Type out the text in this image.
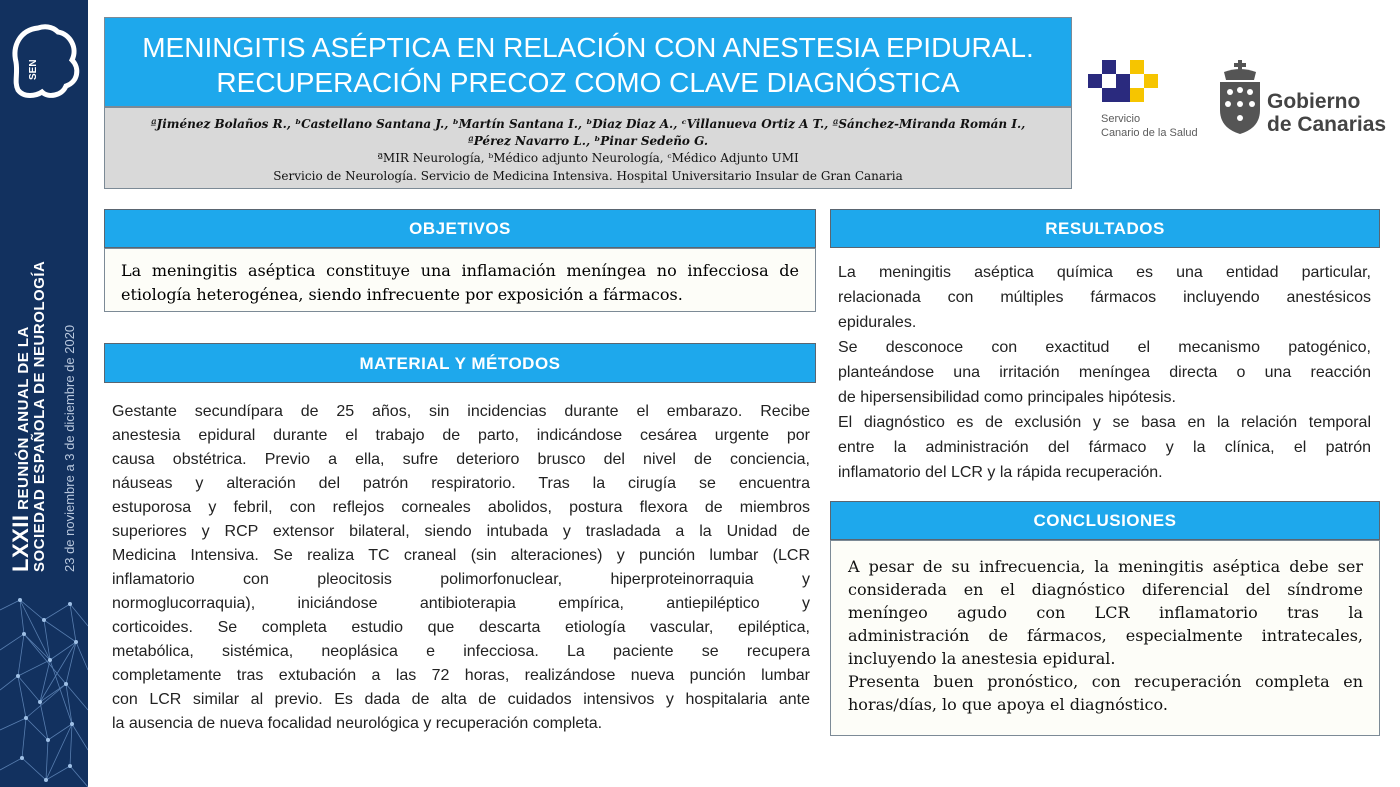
SEN
LXXII REUNIÓN ANUAL DE LA SOCIEDAD ESPAÑOLA DE NEUROLOGÍA 23 de noviembre a 3 de diciembre de 2020
MENINGITIS ASÉPTICA EN RELACIÓN CON ANESTESIA EPIDURAL.
RECUPERACIÓN PRECOZ COMO CLAVE DIAGNÓSTICA
ªJiménez Bolaños R., ᵇCastellano Santana J., ᵇMartín Santana I., ᵇDiaz Diaz A., ᶜVillanueva Ortiz A T., ªSánchez-Miranda Román I.,
ªPérez Navarro L., ᵇPinar Sedeño G.
ªMIR Neurología, ᵇMédico adjunto Neurología, ᶜMédico Adjunto UMI
Servicio de Neurología. Servicio de Medicina Intensiva. Hospital Universitario Insular de Gran Canaria
Servicio
Canario de la Salud
Gobierno
de Canarias
OBJETIVOS
La meningitis aséptica constituye una inflamación meníngea no infecciosa de
etiología heterogénea, siendo infrecuente por exposición a fármacos.
MATERIAL Y MÉTODOS
Gestante secundípara de 25 años, sin incidencias durante el embarazo. Recibe
anestesia epidural durante el trabajo de parto, indicándose cesárea urgente por
causa obstétrica. Previo a ella, sufre deterioro brusco del nivel de conciencia,
náuseas y alteración del patrón respiratorio. Tras la cirugía se encuentra
estuporosa y febril, con reflejos corneales abolidos, postura flexora de miembros
superiores y RCP extensor bilateral, siendo intubada y trasladada a la Unidad de
Medicina Intensiva. Se realiza TC craneal (sin alteraciones) y punción lumbar (LCR
inflamatorio con pleocitosis polimorfonuclear, hiperproteinorraquia y
normoglucorraquia), iniciándose antibioterapia empírica, antiepiléptico y
corticoides. Se completa estudio que descarta etiología vascular, epiléptica,
metabólica, sistémica, neoplásica e infecciosa. La paciente se recupera
completamente tras extubación a las 72 horas, realizándose nueva punción lumbar
con LCR similar al previo. Es dada de alta de cuidados intensivos y hospitalaria ante
la ausencia de nueva focalidad neurológica y recuperación completa.
RESULTADOS
La meningitis aséptica química es una entidad particular,
relacionada con múltiples fármacos incluyendo anestésicos
epidurales.
Se desconoce con exactitud el mecanismo patogénico,
planteándose una irritación meníngea directa o una reacción
de hipersensibilidad como principales hipótesis.
El diagnóstico es de exclusión y se basa en la relación temporal
entre la administración del fármaco y la clínica, el patrón
inflamatorio del LCR y la rápida recuperación.
CONCLUSIONES
A pesar de su infrecuencia, la meningitis aséptica debe ser
considerada en el diagnóstico diferencial del síndrome
meníngeo agudo con LCR inflamatorio tras la
administración de fármacos, especialmente intratecales,
incluyendo la anestesia epidural.
Presenta buen pronóstico, con recuperación completa en
horas/días, lo que apoya el diagnóstico.
